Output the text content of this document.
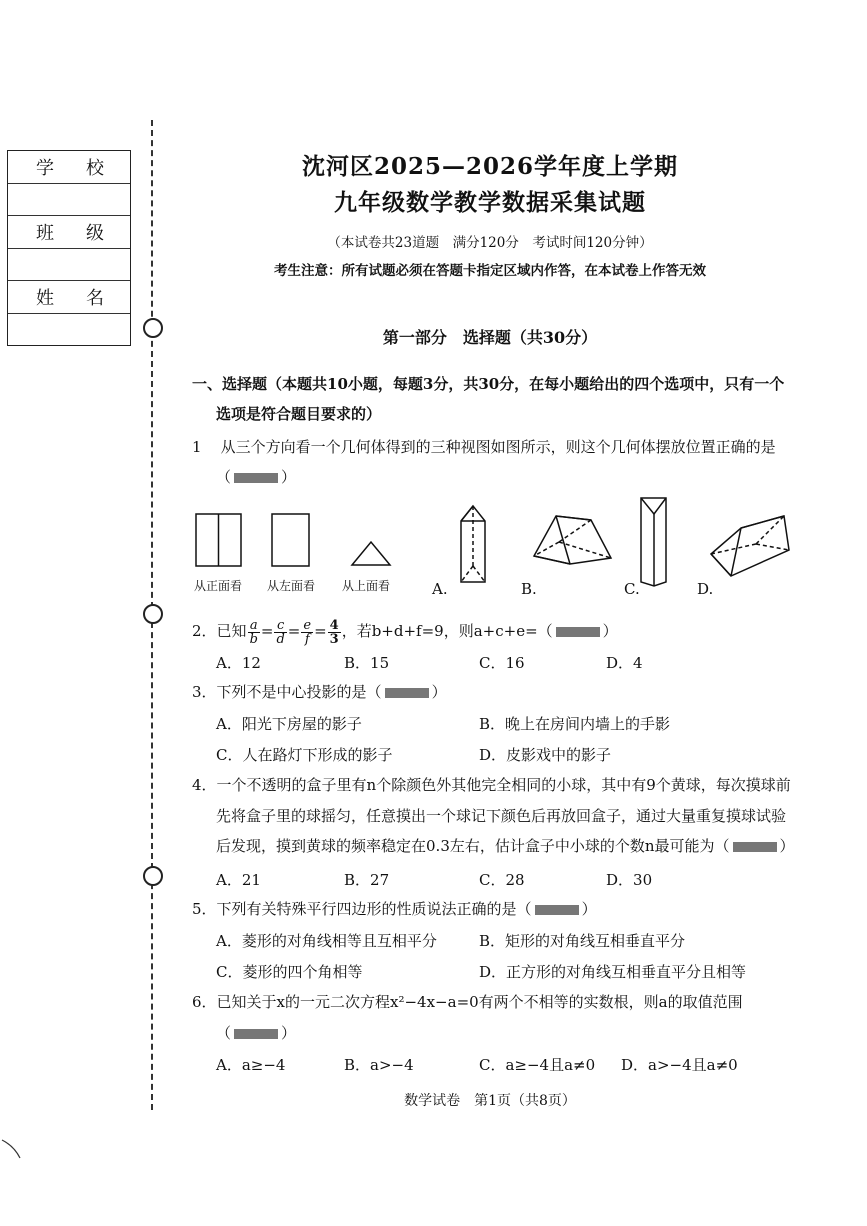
学 校
班 级
姓 名
沈河区2025—2026学年度上学期
九年级数学教学数据采集试题
（本试卷共23道题　满分120分　考试时间120分钟）
考生注意：所有试题必须在答题卡指定区域内作答，在本试卷上作答无效
第一部分　选择题（共30分）
一、选择题（本题共10小题，每题3分，共30分，在每小题给出的四个选项中，只有一个
选项是符合题目要求的）
1 从三个方向看一个几何体得到的三种视图如图所示，则这个几何体摆放位置正确的是
（	）
从正面看 从左面看 从上面看	A.	B.	C.	D.
2．已知 $\frac{a}{b} = \frac{c}{d} = \frac{e}{f} = \frac{4}{3}$ ，若b+d+f=9，则a+c+e=（	）
A．12	B．15	C．16	D．4
3．下列不是中心投影的是（	）
A．阳光下房屋的影子	B．晚上在房间内墙上的手影
C．人在路灯下形成的影子	D．皮影戏中的影子
4．一个不透明的盒子里有n个除颜色外其他完全相同的小球，其中有9个黄球，每次摸球前
先将盒子里的球摇匀，任意摸出一个球记下颜色后再放回盒子，通过大量重复摸球试验
后发现，摸到黄球的频率稳定在0.3左右，估计盒子中小球的个数n最可能为（	）
A．21	B．27	C．28	D．30
5．下列有关特殊平行四边形的性质说法正确的是（	）
A．菱形的对角线相等且互相平分	B．矩形的对角线互相垂直平分
C．菱形的四个角相等	D．正方形的对角线互相垂直平分且相等
6．已知关于x的一元二次方程x²−4x−a=0有两个不相等的实数根，则a的取值范围
（	）
A．a≥−4	B．a>−4	C．a≥−4且a≠0 D．a>−4且a≠0
数学试卷　第1页（共8页）
